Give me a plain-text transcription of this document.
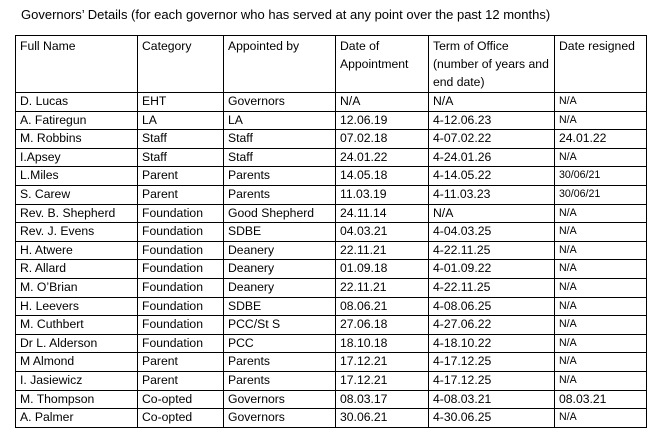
Governors’ Details (for each governor who has served at any point over the past 12 months)
Full Name	Category	Appointed by	Date of Appointment	Term of Office (number of years and end date)	Date resigned
D. Lucas	EHT	Governors	N/A	N/A	N/A
A. Fatiregun	LA	LA	12.06.19	4-12.06.23	N/A
M. Robbins	Staff	Staff	07.02.18	4-07.02.22	24.01.22
I.Apsey	Staff	Staff	24.01.22	4-24.01.26	N/A
L.Miles	Parent	Parents	14.05.18	4-14.05.22	30/06/21
S. Carew	Parent	Parents	11.03.19	4-11.03.23	30/06/21
Rev. B. Shepherd	Foundation	Good Shepherd	24.11.14	N/A	N/A
Rev. J. Evens	Foundation	SDBE	04.03.21	4-04.03.25	N/A
H. Atwere	Foundation	Deanery	22.11.21	4-22.11.25	N/A
R. Allard	Foundation	Deanery	01.09.18	4-01.09.22	N/A
M. O’Brian	Foundation	Deanery	22.11.21	4-22.11.25	N/A
H. Leevers	Foundation	SDBE	08.06.21	4-08.06.25	N/A
M. Cuthbert	Foundation	PCC/St S	27.06.18	4-27.06.22	N/A
Dr L. Alderson	Foundation	PCC	18.10.18	4-18.10.22	N/A
M Almond	Parent	Parents	17.12.21	4-17.12.25	N/A
I. Jasiewicz	Parent	Parents	17.12.21	4-17.12.25	N/A
M. Thompson	Co-opted	Governors	08.03.17	4-08.03.21	08.03.21
A. Palmer	Co-opted	Governors	30.06.21	4-30.06.25	N/A
